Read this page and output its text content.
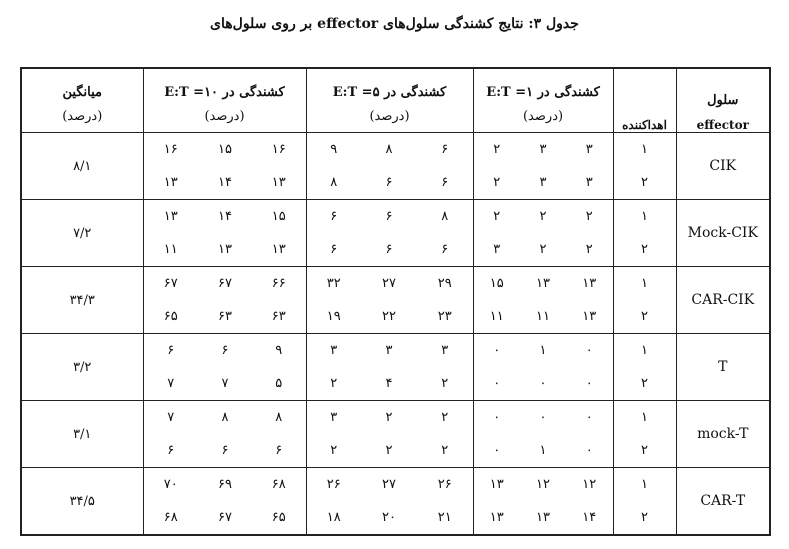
جدول ۳: نتایج کشندگی سلول‌های effector بر روی سلول‌های
سلول
effector	اهداکننده	کشندگی در E:T =۱			کشندگی در E:T =۵			کشندگی در E:T =۱۰			میانگین
		(درصد)			(درصد)			(درصد)			(درصد)
CIK	۱	۳	۳	۲	۶	۸	۹	۱۶	۱۵	۱۶	۸/۱
	۲	۳	۳	۲	۶	۶	۸	۱۳	۱۴	۱۳	
Mock-CIK	۱	۲	۲	۲	۸	۶	۶	۱۵	۱۴	۱۳	۷/۲
	۲	۲	۲	۳	۶	۶	۶	۱۳	۱۳	۱۱	
CAR-CIK	۱	۱۳	۱۳	۱۵	۲۹	۲۷	۳۲	۶۶	۶۷	۶۷	۳۴/۳
	۲	۱۳	۱۱	۱۱	۲۳	۲۲	۱۹	۶۳	۶۳	۶۵	
T	۱	۰	۱	۰	۳	۳	۳	۹	۶	۶	۳/۲
	۲	۰	۰	۰	۲	۴	۲	۵	۷	۷	
mock-T	۱	۰	۰	۰	۲	۲	۳	۸	۸	۷	۳/۱
	۲	۰	۱	۰	۲	۲	۲	۶	۶	۶	
CAR-T	۱	۱۲	۱۲	۱۳	۲۶	۲۷	۲۶	۶۸	۶۹	۷۰	۳۴/۵
	۲	۱۴	۱۳	۱۳	۲۱	۲۰	۱۸	۶۵	۶۷	۶۸	
